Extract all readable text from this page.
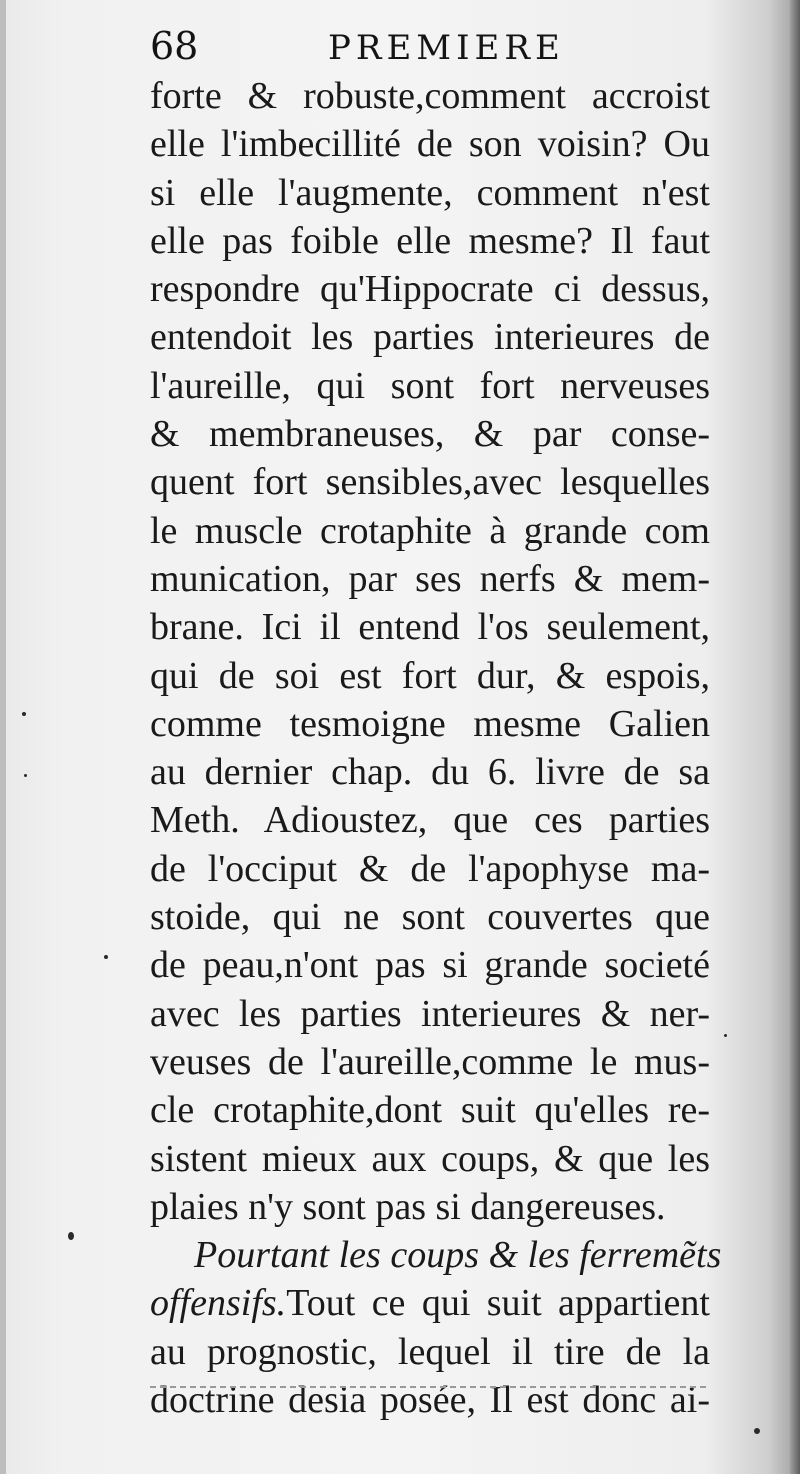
68	PREMIERE
forte & robuste,comment accroist
elle l'imbecillité de son voisin? Ou
si elle l'augmente, comment n'est
elle pas foible elle mesme? Il faut
respondre qu'Hippocrate ci dessus,
entendoit les parties interieures de
l'aureille, qui sont fort nerveuses
& membraneuses, & par conse-
quent fort sensibles,avec lesquelles
le muscle crotaphite à grande com
munication, par ses nerfs & mem-
brane. Ici il entend l'os seulement,
qui de soi est fort dur, & espois,
comme tesmoigne mesme Galien
au dernier chap. du 6. livre de sa
Meth. Adioustez, que ces parties
de l'occiput & de l'apophyse ma-
stoide, qui ne sont couvertes que
de peau,n'ont pas si grande societé
avec les parties interieures & ner-
veuses de l'aureille,comme le mus-
cle crotaphite,dont suit qu'elles re-
sistent mieux aux coups, & que les
plaies n'y sont pas si dangereuses.
Pourtant les coups & les ferremẽts
offensifs.Tout ce qui suit appartient
au prognostic, lequel il tire de la
doctrine desia posée, Il est donc ai-
